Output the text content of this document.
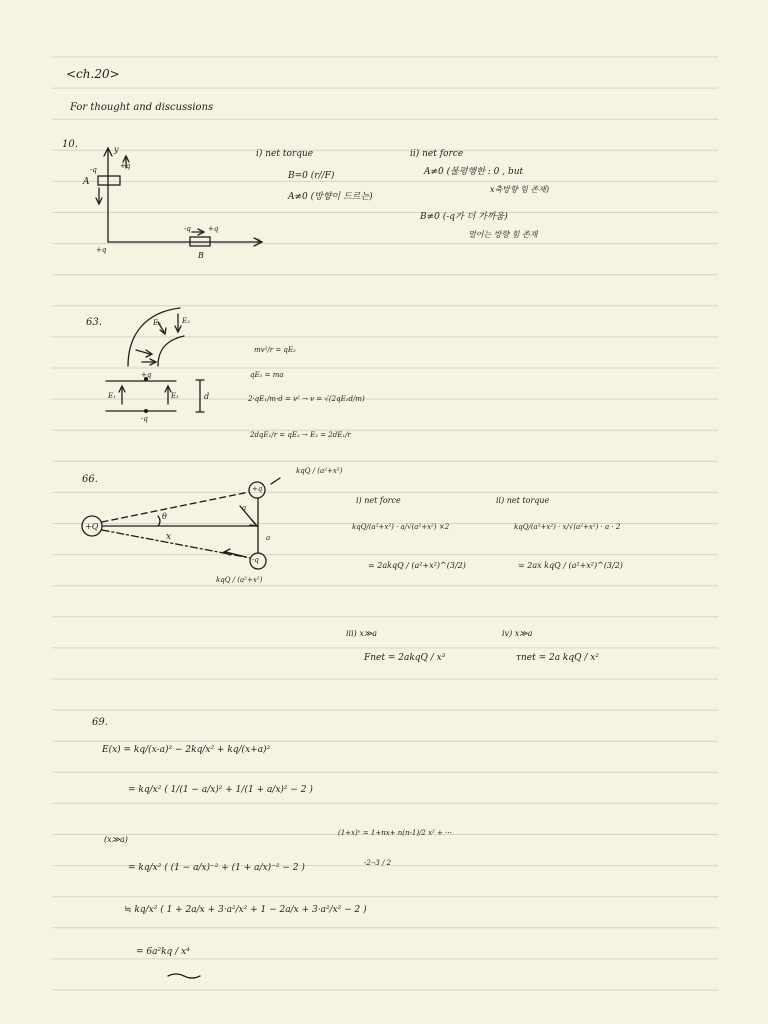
<ch.20>
For thought and discussions
10.	y
x
-q	+q
A
+q
-q +q
B
i) net torque
B=0 (r//F)
A≠0 (방향이 드르는)
ii) net force
A≠0 (불평행한 : 0 , but
x축방향 힘 존재)
B≠0 (-q가 더 가까움)
멀어는 방향 힘 존재
63.	E₂	E₂
E₁	E₁
+q
-q
d
mv²/r = qE₂
qE₁ = ma
2·qE₁/m·d = v² → v = √(2qE₁d/m)
2dqE₁/r = qE₂ → E₂ = 2dE₁/r
66.
+Q
+q
-q
θ
x
a
a
kqQ / (a²+x²)
kqQ / (a²+x²)
i) net force
kqQ/(a²+x²) · a/√(a²+x²) ×2
= 2akqQ / (a²+x²)^(3/2)
ii) net torque
kqQ/(a²+x²) · x/√(a²+x²) · a · 2
= 2ax kqQ / (a²+x²)^(3/2)
iii) x≫a
Fnet = 2akqQ / x³
iv) x≫a
τnet = 2a kqQ / x²
69.
E(x) = kq/(x-a)² − 2kq/x² + kq/(x+a)²
= kq/x² ( 1/(1 − a/x)² + 1/(1 + a/x)² − 2 )
(x≫a)
(1+x)ⁿ = 1+nx+ n(n-1)/2 x² + ···
-2·-3 / 2
= kq/x² ( (1 − a/x)⁻² + (1 + a/x)⁻² − 2 )
≒ kq/x² ( 1 + 2a/x + 3·a²/x² + 1 − 2a/x + 3·a²/x² − 2 )
= 6a²kq / x⁴
